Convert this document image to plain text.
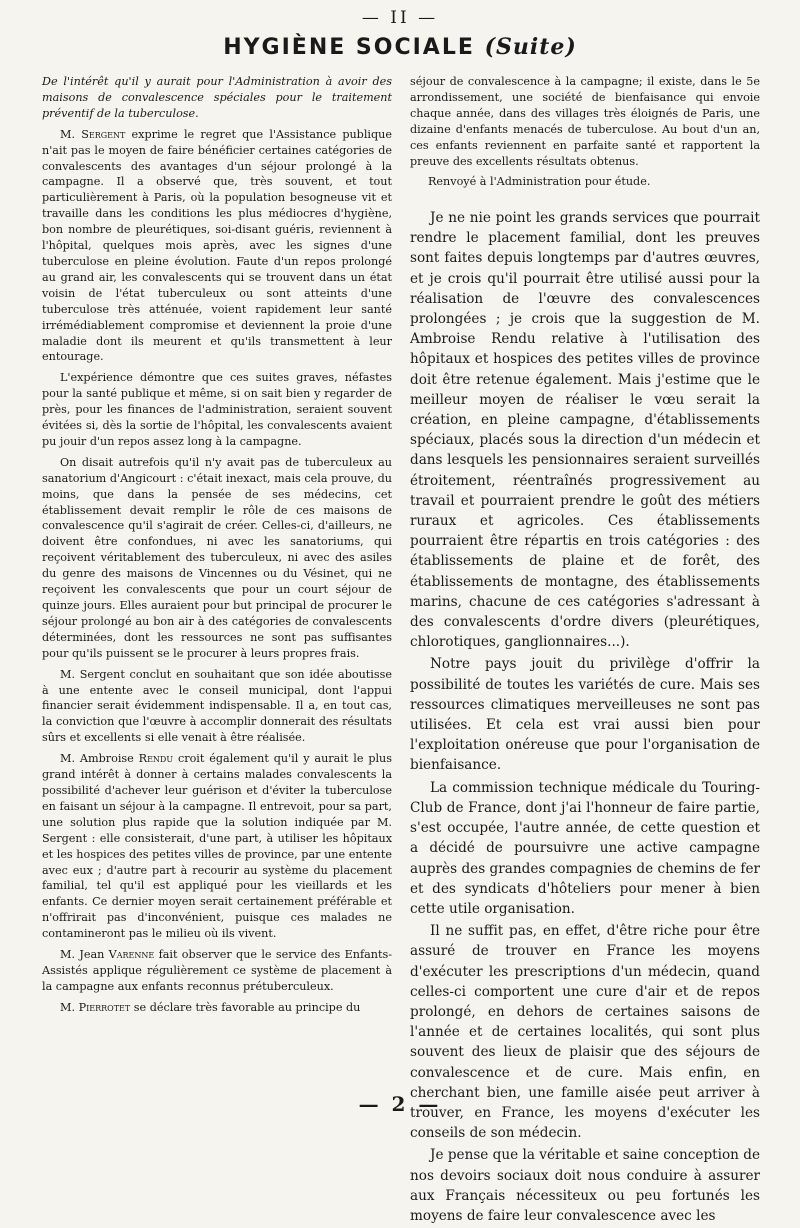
— II —
HYGIÈNE SOCIALE (Suite)

De l'intérêt qu'il y aurait pour l'Administration à avoir des maisons de convalescence spéciales pour le traitement préventif de la tuberculose.

M. Sergent exprime le regret que l'Assistance publique n'ait pas le moyen de faire bénéficier certaines catégories de convalescents des avantages d'un séjour prolongé à la campagne. Il a observé que, très souvent, et tout particulièrement à Paris, où la population besogneuse vit et travaille dans les conditions les plus médiocres d'hygiène, bon nombre de pleurétiques, soi-disant guéris, reviennent à l'hôpital, quelques mois après, avec les signes d'une tuberculose en pleine évolution. Faute d'un repos prolongé au grand air, les convalescents qui se trouvent dans un état voisin de l'état tuberculeux ou sont atteints d'une tuberculose très atténuée, voient rapidement leur santé irrémédiablement compromise et deviennent la proie d'une maladie dont ils meurent et qu'ils transmettent à leur entourage.

L'expérience démontre que ces suites graves, néfastes pour la santé publique et même, si on sait bien y regarder de près, pour les finances de l'administration, seraient souvent évitées si, dès la sortie de l'hôpital, les convalescents avaient pu jouir d'un repos assez long à la campagne.

On disait autrefois qu'il n'y avait pas de tuberculeux au sanatorium d'Angicourt : c'était inexact, mais cela prouve, du moins, que dans la pensée de ses médecins, cet établissement devait remplir le rôle de ces maisons de convalescence qu'il s'agirait de créer. Celles-ci, d'ailleurs, ne doivent être confondues, ni avec les sanatoriums, qui reçoivent véritablement des tuberculeux, ni avec des asiles du genre des maisons de Vincennes ou du Vésinet, qui ne reçoivent les convalescents que pour un court séjour de quinze jours. Elles auraient pour but principal de procurer le séjour prolongé au bon air à des catégories de convalescents déterminées, dont les ressources ne sont pas suffisantes pour qu'ils puissent se le procurer à leurs propres frais.

M. Sergent conclut en souhaitant que son idée aboutisse à une entente avec le conseil municipal, dont l'appui financier serait évidemment indispensable. Il a, en tout cas, la conviction que l'œuvre à accomplir donnerait des résultats sûrs et excellents si elle venait à être réalisée.

M. Ambroise Rendu croit également qu'il y aurait le plus grand intérêt à donner à certains malades convalescents la possibilité d'achever leur guérison et d'éviter la tuberculose en faisant un séjour à la campagne. Il entrevoit, pour sa part, une solution plus rapide que la solution indiquée par M. Sergent : elle consisterait, d'une part, à utiliser les hôpitaux et les hospices des petites villes de province, par une entente avec eux ; d'autre part à recourir au système du placement familial, tel qu'il est appliqué pour les vieillards et les enfants. Ce dernier moyen serait certainement préférable et n'offrirait pas d'inconvénient, puisque ces malades ne contamineront pas le milieu où ils vivent.

M. Jean Varenne fait observer que le service des Enfants-Assistés applique régulièrement ce système de placement à la campagne aux enfants reconnus prétuberculeux.

M. Pierrotet se déclare très favorable au principe du

séjour de convalescence à la campagne; il existe, dans le 5e arrondissement, une société de bienfaisance qui envoie chaque année, dans des villages très éloignés de Paris, une dizaine d'enfants menacés de tuberculose. Au bout d'un an, ces enfants reviennent en parfaite santé et rapportent la preuve des excellents résultats obtenus.

Renvoyé à l'Administration pour étude.

Je ne nie point les grands services que pourrait rendre le placement familial, dont les preuves sont faites depuis longtemps par d'autres œuvres, et je crois qu'il pourrait être utilisé aussi pour la réalisation de l'œuvre des convalescences prolongées ; je crois que la suggestion de M. Ambroise Rendu relative à l'utilisation des hôpitaux et hospices des petites villes de province doit être retenue également. Mais j'estime que le meilleur moyen de réaliser le vœu serait la création, en pleine campagne, d'établissements spéciaux, placés sous la direction d'un médecin et dans lesquels les pensionnaires seraient surveillés étroitement, réentraînés progressivement au travail et pourraient prendre le goût des métiers ruraux et agricoles. Ces établissements pourraient être répartis en trois catégories : des établissements de plaine et de forêt, des établissements de montagne, des établissements marins, chacune de ces catégories s'adressant à des convalescents d'ordre divers (pleurétiques, chlorotiques, ganglionnaires...).

Notre pays jouit du privilège d'offrir la possibilité de toutes les variétés de cure. Mais ses ressources climatiques merveilleuses ne sont pas utilisées. Et cela est vrai aussi bien pour l'exploitation onéreuse que pour l'organisation de bienfaisance.

La commission technique médicale du Touring-Club de France, dont j'ai l'honneur de faire partie, s'est occupée, l'autre année, de cette question et a décidé de poursuivre une active campagne auprès des grandes compagnies de chemins de fer et des syndicats d'hôteliers pour mener à bien cette utile organisation.

Il ne suffit pas, en effet, d'être riche pour être assuré de trouver en France les moyens d'exécuter les prescriptions d'un médecin, quand celles-ci comportent une cure d'air et de repos prolongé, en dehors de certaines saisons de l'année et de certaines localités, qui sont plus souvent des lieux de plaisir que des séjours de convalescence et de cure. Mais enfin, en cherchant bien, une famille aisée peut arriver à trouver, en France, les moyens d'exécuter les conseils de son médecin.

Je pense que la véritable et saine conception de nos devoirs sociaux doit nous conduire à assurer aux Français nécessiteux ou peu fortunés les moyens de faire leur convalescence avec les

— 2 —
